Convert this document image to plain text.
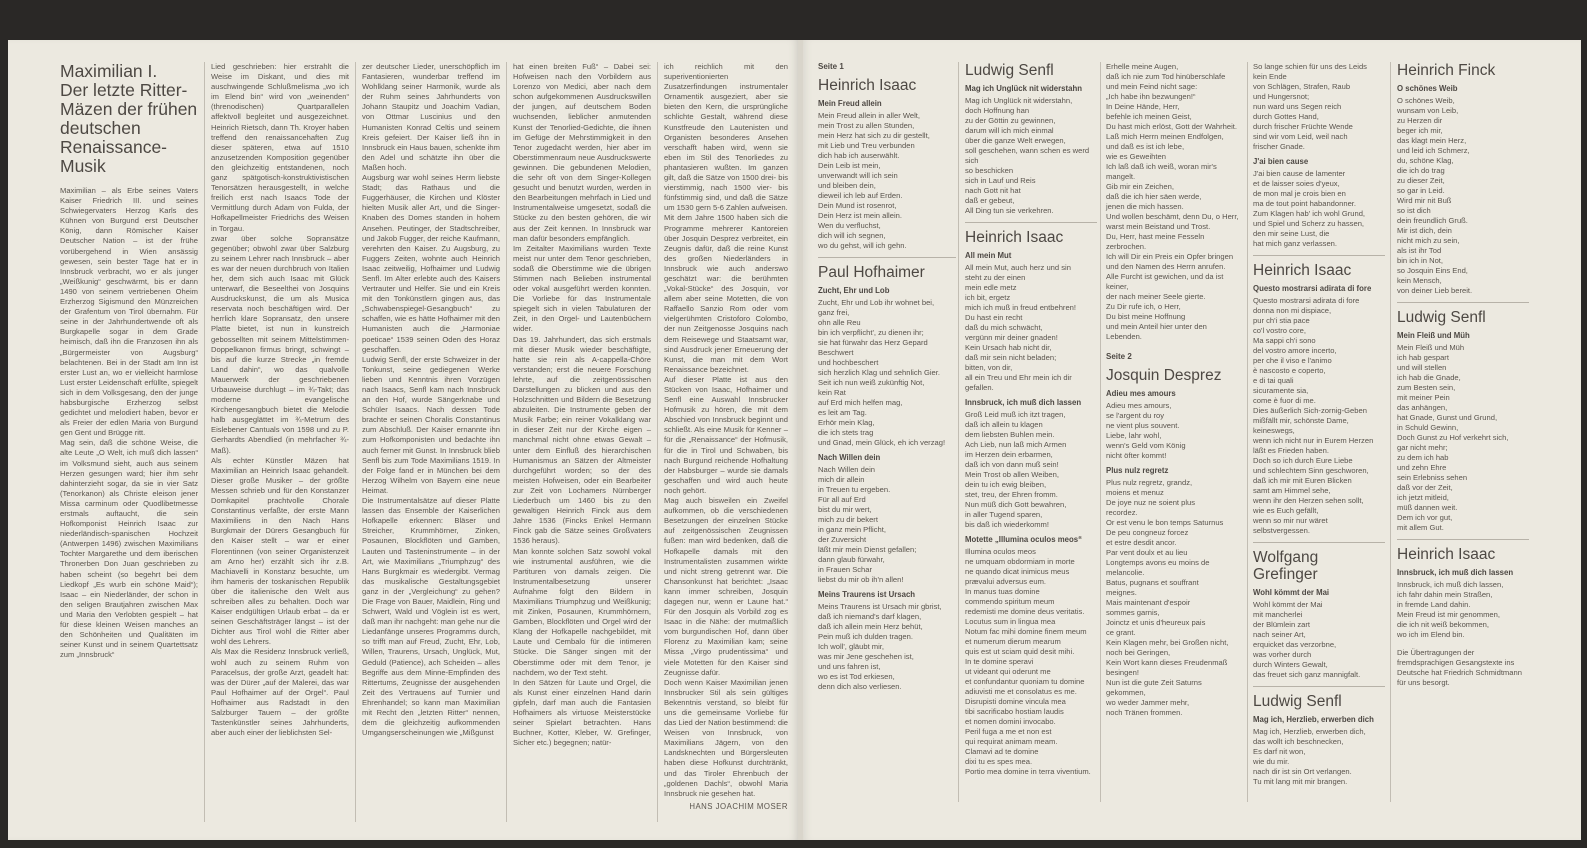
Maximilian I.
Der letzte Ritter-
Mäzen der frühen
deutschen
Renaissance-
Musik
Maximilian – als Erbe seines Vaters Kaiser Friedrich III. und seines Schwiegervaters Herzog Karls des Kühnen von Burgund erst Deutscher König, dann Römischer Kaiser Deutscher Nation – ist der frühe vorübergehend in Wien ansässig gewesen, sein bester Tage hat er in Innsbruck verbracht, wo er als junger „Weißkunig“ geschwärmt, bis er dann 1490 von seinem vertriebenen Oheim Erzherzog Sigismund den Münzreichen der Grafentum von Tirol übernahm. Für seine in der Jahrhundertwende oft als Burgkapelle sogar in dem Grade heimisch, daß ihn die Franzosen ihn als „Bürgermeister von Augsburg“ belachtenen. Bei in der Stadt am Inn ist erster Lust an, wo er vielleicht harmlose Lust erster Leidenschaft erfüllte, spiegelt sich in dem Volksgesang, den der junge habsburgische Erzherzog selbst gedichtet und melodiert haben, bevor er als Freier der edlen Maria von Burgund gen Gent und Brügge ritt.
Mag sein, daß die schöne Weise, die alte Leute „O Welt, ich muß dich lassen“ im Volksmund sieht, auch aus seinem Herzen gesungen ward; hier ihm sehr dahinterzieht sogar, da sie in vier Satz (Tenorkanon) als Christe eleison jener Missa carminum oder Quodlibetmesse erstmals auftaucht, die sein Hofkomponist Heinrich Isaac zur niederländisch-spanischen Hochzeit (Antwerpen 1496) zwischen Maximilians Tochter Margarethe und dem iberischen Thronerben Don Juan geschrieben zu haben scheint (so begehrt bei dem Liedkopf „Es wurb ein schöne Maid“); Isaac – ein Niederländer, der schon in den seligen Brautjahren zwischen Max und Maria den Verlobten gespielt – hat für diese kleinen Weisen manches an den Schönheiten und Qualitäten im seiner Kunst und in seinem Quartettsatz zum „Innsbruck“
Lied geschrieben: hier erstrahlt die Weise im Diskant, und dies mit auschwingende Schlußmelisma „wo ich im Elend bin“ wird von „weinenden“ (threnodischen) Quartparallelen affektvoll begleitet und ausgezeichnet. Heinrich Rietsch, dann Th. Kroyer haben treffend den renaissancehaften Zug dieser späteren, etwa auf 1510 anzusetzenden Komposition gegenüber den gleichzeitig entstandenen, noch ganz spätgotisch-konstruktivistischen Tenorsätzen herausgestellt, in welche freilich erst nach Isaacs Tode der Vermittlung durch Adam von Fulda, der Hofkapellmeister Friedrichs des Weisen in Torgau.
zwar über solche Sopransätze gegenüber; obwohl zwar über Salzburg zu seinem Lehrer nach Innsbruck – aber es war der neuen durchbruch von Italien her, dem sich auch Isaac mit Glück unterwarf, die Beseelthei von Josquins Ausdruckskunst, die um als Musica reservata noch beschäftigen wird. Der herrlich klare Sopransatz, den unsere Platte bietet, ist nun in kunstreich gebossellten mit seinem Mittelstimmen-Doppelkanon firmus bringt, schwingt – bis auf die kurze Strecke „in fremde Land dahin“, wo das qualvolle Mauerwerk der geschriebenen Urbauweise durchlugt – im ¾-Takt; das moderne evangelische Kirchengesangbuch bietet die Melodie halb ausgeglättet im ¾-Metrum des Eislebener Cantuals von 1598 und zu P. Gerhardts Abendlied (in mehrfacher ¾-Maß).
Als echter Künstler Mäzen hat Maximilian an Heinrich Isaac gehandelt. Dieser große Musiker – der größte Messen schrieb und für den Konstanzer Domkapitel prachtvolle Chorale Constantinus verfaßte, der erste Mann Maximiliens in den Nach Hans Burgkmair der Dürers Gesangbuch für den Kaiser stellt – war er einer Florentinnen (von seiner Organistenzeit am Arno her) erzählt sich ihr z.B. Machiavelli in Konstanz besuchte, um ihm hameris der toskanischen Republik über die italienische den Welt aus schreiben alles zu behalten. Doch war Kaiser endgültigen Urlaub erbat – da er seinen Geschäftsträger längst – ist der Dichter aus Tirol wohl die Ritter aber wohl des Lehrers.
Als Max die Residenz Innsbruck verließ, wohl auch zu seinem Ruhm von Paracelsus, der große Arzt, geadelt hat: was der Dürer „auf der Malerei, das war Paul Hofhaimer auf der Orgel“. Paul Hofhaimer aus Radstadt in den Salzburger Tauern – der größte Tastenkünstler seines Jahrhunderts, aber auch einer der lieblichsten Sel-
zer deutscher Lieder, unerschöpflich im Fantasieren, wunderbar treffend im Wohlklang seiner Harmonik, wurde als der Ruhm seines Jahrhunderts von Johann Staupitz und Joachim Vadian, von Ottmar Luscinius und den Humanisten Konrad Celtis und seinem Kreis gefeiert. Der Kaiser ließ ihn in Innsbruck ein Haus bauen, schenkte ihm den Adel und schätzte ihn über die Maßen hoch.
Augsburg war wohl seines Herrn liebste Stadt; das Rathaus und die Fuggerhäuser, die Kirchen und Klöster hielten Musik aller Art, und die Singer-Knaben des Domes standen in hohem Ansehen. Peutinger, der Stadtschreiber, und Jakob Fugger, der reiche Kaufmann, verehrten den Kaiser. Zu Augsburg, zu Fuggers Zeiten, wohnte auch Heinrich Isaac zeitweilig, Hofhaimer und Ludwig Senfl. Im Alter erlebte auch des Kaisers Vertrauter und Helfer. Sie und ein Kreis mit den Tonkünstlern gingen aus, das „Schwabenspiegel-Gesangbuch“ zu schaffen, wie es hätte Hofhaimer mit den Humanisten auch die „Harmoniae poeticae“ 1539 seinen Oden des Horaz geschaffen.
Ludwig Senfl, der erste Schweizer in der Tonkunst, seine gediegenen Werke lieben und Kenntnis ihren Vorzügen nach Isaacs, Senfl kam nach Innsbruck an den Hof, wurde Sängerknabe und Schüler Isaacs. Nach dessen Tode brachte er seinen Choralis Constantinus zum Abschluß. Der Kaiser ernannte ihn zum Hofkomponisten und bedachte ihn auch ferner mit Gunst. In Innsbruck blieb Senfl bis zum Tode Maximilians 1519. In der Folge fand er in München bei dem Herzog Wilhelm von Bayern eine neue Heimat.
Die Instrumentalsätze auf dieser Platte lassen das Ensemble der Kaiserlichen Hofkapelle erkennen: Bläser und Streicher, Krummhörner, Zinken, Posaunen, Blockflöten und Gamben, Lauten und Tasteninstrumente – in der Art, wie Maximilians „Triumphzug“ des Hans Burgkmair es wiedergibt. Vermag das musikalische Gestaltungsgebiet ganz in der „Vergleichung“ zu gehen? Die Frage von Bauer, Maidlein, Ring und Schwert, Wald und Vöglein ist es wert, daß man ihr nachgeht: man gehe nur die Liedanfänge unseres Programms durch, so trifft man auf Freud, Zucht, Ehr, Lob, Willen, Traurens, Ursach, Unglück, Mut, Geduld (Patience), ach Scheiden – alles Begriffe aus dem Minne-Empfinden des Rittertums, Zeugnisse der ausgehenden Zeit des Vertrauens auf Turnier und Ehrenhandel; so kann man Maximilian mit Recht den „letzten Ritter“ nennen, dem die gleichzeitig aufkommenden Umgangserscheinungen wie „Mißgunst
hat einen breiten Fuß“ – Dabei sei: Hofweisen nach den Vorbildern aus Lorenzo von Medici, aber nach dem schon aufgekommenen Ausdruckswillen der jungen, auf deutschem Boden wuchsenden, lieblicher anmutenden Kunst der Tenorlied-Gedichte, die ihnen im Gefüge der Mehrstimmigkeit in den Tenor zugedacht werden, hier aber im Oberstimmenraum neue Ausdruckswerte gewinnen. Die gebundenen Melodien, die sehr oft von dem Singer-Kollegen gesucht und benutzt wurden, werden in den Bearbeitungen mehrfach in Lied und Instrumentalweise umgesetzt, sodaß die Stücke zu den besten gehören, die wir aus der Zeit kennen. In Innsbruck war man dafür besonders empfänglich.
Im Zeitalter Maximilians wurden Texte meist nur unter dem Tenor geschrieben, sodaß die Oberstimme wie die übrigen Stimmen nach Belieben instrumental oder vokal ausgeführt werden konnten. Die Vorliebe für das Instrumentale spiegelt sich in vielen Tabulaturen der Zeit, in den Orgel- und Lautenbüchern wider.
Das 19. Jahrhundert, das sich erstmals mit dieser Musik wieder beschäftigte, hatte sie rein als A-cappella-Chöre verstanden; erst die neuere Forschung lehrte, auf die zeitgenössischen Darstellungen zu blicken und aus den Holzschnitten und Bildern die Besetzung abzuleiten. Die Instrumente geben der Musik Farbe; ein reiner Vokalklang war in dieser Zeit nur der Kirche eigen – manchmal nicht ohne etwas Gewalt – unter dem Einfluß des hierarchischen Humanismus an Sätzen der Altmeister durchgeführt worden; so der des meisten Hofweisen, oder ein Bearbeiter zur Zeit von Lochamers Nürnberger Liederbuch um 1460 bis zu den gewaltigen Heinrich Finck aus dem Jahre 1536 (Fincks Enkel Hermann Finck gab die Sätze seines Großvaters 1536 heraus).
Man konnte solchen Satz sowohl vokal wie instrumental ausführen, wie die Partituren von damals zeigen. Die Instrumentalbesetzung unserer Aufnahme folgt den Bildern in Maximilians Triumphzug und Weißkunig; mit Zinken, Posaunen, Krummhörnern, Gamben, Blockflöten und Orgel wird der Klang der Hofkapelle nachgebildet, mit Laute und Cembalo für die intimeren Stücke. Die Sänger singen mit der Oberstimme oder mit dem Tenor, je nachdem, wo der Text steht.
In den Sätzen für Laute und Orgel, die als Kunst einer einzelnen Hand darin gipfeln, darf man auch die Fantasien Hofhaimers als virtuose Meisterstücke seiner Spielart betrachten. Hans Buchner, Kotter, Kleber, W. Grefinger, Sicher etc.) begegnen; natür-
ich reichlich mit den superiventionierten Zusatzerfindungen instrumentaler Ornamentik ausgeziert, aber sie bieten den Kern, die ursprüngliche schlichte Gestalt, während diese Kunstfreude den Lautenisten und Organisten besonderes Ansehen verschafft haben wird, wenn sie eben im Stil des Tenorliedes zu phantasieren wußten. Im ganzen gilt, daß die Sätze von 1500 drei- bis vierstimmig, nach 1500 vier- bis fünfstimmig sind, und daß die Sätze um 1530 gern 5-6 Zahlen aufweisen.
Mit dem Jahre 1500 haben sich die Programme mehrerer Kantoreien über Josquin Desprez verbreitet, ein Zeugnis dafür, daß die reine Kunst des großen Niederländers in Innsbruck wie auch anderswo geschätzt war: die berühmten „Vokal-Stücke“ des Josquin, vor allem aber seine Motetten, die von Raffaello Sanzio Rom oder vom vielgerühmten Cristoforo Colombo, der nun Zeitgenosse Josquins nach dem Reisewege und Staatsamt war, sind Ausdruck jener Erneuerung der Kunst, die man mit dem Wort Renaissance bezeichnet.
Auf dieser Platte ist aus den Stücken von Isaac, Hofhaimer und Senfl eine Auswahl Innsbrucker Hofmusik zu hören, die mit dem Abschied von Innsbruck beginnt und schließt. Als eine Musik für Kenner – für die „Renaissance“ der Hofmusik, für die in Tirol und Schwaben, bis nach Burgund reichende Hofhaltung der Habsburger – wurde sie damals geschaffen und wird auch heute noch gehört.
Mag auch bisweilen ein Zweifel aufkommen, ob die verschiedenen Besetzungen der einzelnen Stücke auf zeitgenössischen Zeugnissen fußen: man wird bedenken, daß die Hofkapelle damals mit den Instrumentalisten zusammen wirkte und nicht streng getrennt war. Die Chansonkunst hat berichtet: „Isaac kann immer schreiben, Josquin dagegen nur, wenn er Laune hat.“ Für den Josquin als Vorbild zog es Isaac in die Nähe: der mutmaßlich vom burgundischen Hof, dann über Florenz zu Maximilian kam; seine Missa „Virgo prudentissima“ und viele Motetten für den Kaiser sind Zeugnisse dafür.
Doch wenn Kaiser Maximilian jenen Innsbrucker Stil als sein gültiges Bekenntnis verstand, so bleibt für uns die gemeinsame Vorliebe für das Lied der Nation bestimmend: die Weisen von Innsbruck, von Maximilians Jägern, von den Landsknechten und Bürgersleuten haben diese Hofkunst durchtränkt, und das Tiroler Ehrenbuch der „goldenen Dachls“, obwohl Maria Innsbruck nie gesehen hat.
HANS JOACHIM MOSER
Seite 1
Heinrich Isaac
Mein Freud allein

Mein Freud allein in aller Welt,
mein Trost zu allen Stunden,
mein Herz hat sich zu dir gestellt,
mit Lieb und Treu verbunden
dich hab ich auserwählt.
Dein Leib ist mein,
unverwandt will ich sein
und bleiben dein,
dieweil ich leb auf Erden.
Dein Mund ist rosenrot,
Dein Herz ist mein allein.
Wen du verfluchst,
dich will ich segnen,
wo du gehst, will ich gehn.

Paul Hofhaimer
Zucht, Ehr und Lob

Zucht, Ehr und Lob ihr wohnet bei,
ganz frei,
ohn alle Reu
bin ich verpflicht', zu dienen ihr;
sie hat fürwahr das Herz Gepard
Beschwert
und hochbeschert
sich herzlich Klag und sehnlich Gier.
Seit ich nun weiß zukünftig Not,
kein Rat
auf Erd mich helfen mag,
es leit am Tag.
Erhör mein Klag,
die ich stets trag
und Gnad, mein Glück, eh ich verzag!

Nach Willen dein

Nach Willen dein
mich dir allein
in Treuen tu ergeben.
Für all auf Erd
bist du mir wert,
mich zu dir bekert
in ganz mein Pflicht,
der Zuversicht
läßt mir mein Dienst gefallen;
dann glaub fürwahr,
in Frauen Schar
liebst du mir ob ih'n allen!

Meins Traurens ist Ursach

Meins Traurens ist Ursach mir gbrist,
daß ich niemand's darf klagen,
daß ich allein mein Herz behüt,
Pein muß ich dulden tragen.
Ich woll', gläubt mir,
was mir Jene geschehen ist,
und uns fahren ist,
wo es ist Tod erkiesen,
denn dich also verliesen.

Ludwig Senfl
Mag ich Unglück nit widerstahn

Mag ich Unglück nit widerstahn,
doch Hoffnung han
zu der Göttin zu gewinnen,
darum will ich mich einmal
über die ganze Welt erwegen,
soll geschehen, wann schen es werd sich
so beschicken
sich in Lauf und Reis
nach Gott nit hat
daß er gebeut,
All Ding tun sie verkehren.

Heinrich Isaac
All mein Mut

All mein Mut, auch herz und sin
steht zu der einen
mein edle metz
ich bit, ergetz
mich ich muß in freud entbehren!
Du hast ein recht
daß du mich schwächt,
vergünn mir deiner gnaden!
Kein Ursach hab nicht dir,
daß mir sein nicht beladen;
bitten, von dir,
all ein Treu und Ehr mein ich dir gefallen.

Innsbruck, ich muß dich lassen

Groß Leid muß ich itzt tragen,
daß ich allein tu klagen
dem liebsten Buhlen mein.
Ach Lieb, nun laß mich Armen
im Herzen dein erbarmen,
daß ich von dann muß sein!
Mein Trost ob allen Weiben,
dein tu ich ewig bleiben,
stet, treu, der Ehren fromm.
Nun müß dich Gott bewahren,
in aller Tugend sparen,
bis daß ich wiederkomm!

Motette „Illumina oculos meos“

Illumina oculos meos
ne umquam obdormiam in morte
ne quando dicat inimicus meus
prævalui adversus eum.
In manus tuas domine
commendo spiritum meum
redemisti me domine deus veritatis.
Locutus sum in lingua mea
Notum fac mihi domine finem meum
et numerum dierum mearum
quis est ut sciam quid desit mihi.
In te domine speravi
ut videant qui oderunt me
et confundantur quoniam tu domine
adiuvisti me et consolatus es me.
Disrupisti domine vincula mea
tibi sacrificabo hostiam laudis
et nomen domini invocabo.
Peril fuga a me et non est
qui requirat animam meam.
Clamavi ad te domine
dixi tu es spes mea.
Portio mea domine in terra viventium.

Erhelle meine Augen,
daß ich nie zum Tod hinüberschlafe
und mein Feind nicht sage:
„Ich habe ihn bezwungen!“
In Deine Hände, Herr,
befehle ich meinen Geist,
Du hast mich erlöst, Gott der Wahrheit.
Laß mich Herrn meinen Endfolgen,
und daß es ist ich lebe,
wie es Geweihten
Ich laß daß ich weiß, woran mir's
mangelt.
Gib mir ein Zeichen,
daß die ich hier säen werde,
jenen die mich hassen.
Und wollen beschämt, denn Du, o Herr,
warst mein Beistand und Trost.
Du, Herr, hast meine Fesseln zerbrochen.
Ich will Dir ein Preis ein Opfer bringen
und den Namen des Herrn anrufen.
Alle Furcht ist gewichen, und da ist
keiner,
der nach meiner Seele gierte.
Zu Dir rufe ich, o Herr,
Du bist meine Hoffnung
und mein Anteil hier unter den
Lebenden.

Seite 2
Josquin Desprez
Adieu mes amours

Adieu mes amours,
se l'argent du roy
ne vient plus souvent.
Liebe, lahr wohl,
wenn's Geld vom König
nicht öfter kommt!

Plus nulz regretz

Plus nulz regretz, grandz,
moiens et menuz
De joye nuz ne soient plus
recordez.
Or est venu le bon temps Saturnus
De peu congneuz forcez
et estre desdit ancor.
Par vent doulx et au lieu
Longtemps avons eu moins de
melancolie.
Batus, pugnans et souffrant
meignes.
Mais maintenant d'espoir
sommes garnis,
Joinctz et unis d'heureux pais
ce grant.
Kein Klagen mehr, bei Großen nicht,
noch bei Geringen,
Kein Wort kann dieses Freudenmaß
besingen!
Nun ist die gute Zeit Saturns
gekommen,
wo weder Jammer mehr,
noch Tränen frommen.

So lange schien für uns des Leids
kein Ende
von Schlägen, Strafen, Raub
und Hungersnot;
nun ward uns Segen reich
durch Gottes Hand,
durch frischer Früchte Wende
sind wir vom Leid, weil nach
frischer Gnade.

J'ai bien cause

J'ai bien cause de lamenter
et de laisser soies d'yeux,
de mon mal je crois bien en
ma de tout point habandonner.
Zum Klagen hab' ich wohl Grund,
und Spiel und Scherz zu hassen,
den mir seine Lust, die
hat mich ganz verlassen.

Heinrich Isaac
Questo mostrarsi adirata di fore

Questo mostrarsi adirata di fore
donna non mi dispiace,
pur ch'i stia pace
co'l vostro core,
Ma sappi ch'i sono
del vostro amore incerto,
per che il viso e l'animo
è nascosto e coperto,
e di tai quali
sicuramente sia,
come è fuor di me.
Dies äußerlich Sich-zornig-Geben
mißfällt mir, schönste Dame,
keineswegs,
wenn ich nicht nur in Eurem Herzen
läßt es Frieden haben.
Doch so ich durch Eure Liebe
und schlechtem Sinn geschworen,
daß ich mir mit Euren Blicken
samt am Himmel sehe,
wenn ihr den Herzen sehen sollt,
wie es Euch gefällt,
wenn so mir nur wäret selbstvergessen.

Wolfgang Grefinger
Wohl kömmt der Mai

Wohl kömmt der Mai
mit mancherlei
der Blümlein zart
nach seiner Art,
erquicket das verzorbne,
was vorher durch
durch Winters Gewalt,
das freuet sich ganz mannigfalt.

Ludwig Senfl
Mag ich, Herzlieb, erwerben dich

Mag ich, Herzlieb, erwerben dich,
das wollt ich beschnecken,
Es darf nit won,
wie du mir.
nach dir ist sin Ort verlangen.
Tu mit lang mit mir brangen.

Heinrich Finck
O schönes Weib

O schönes Weib,
wunsam von Leib,
zu Herzen dir
beger ich mir,
das klagt mein Herz,
und leid ich Schmerz,
du, schöne Klag,
die ich do trag
zu dieser Zeit,
so gar in Leid.
Wird mir nit Buß
so ist dich
dein freundlich Gruß.
Mir ist dich, dein
nicht mich zu sein,
als ist ihr Tod
bin ich in Not,
so Josquin Eins End,
kein Mensch,
von deiner Lieb bereit.

Ludwig Senfl
Mein Fleiß und Müh

Mein Fleiß und Müh
ich hab gespart
und will stellen
ich hab die Gnade,
zum Besten sein,
mit meiner Pein
das anhängen,
hat Gnade, Gunst und Grund,
in Schuld Gewinn,
Doch Gunst zu Hof verkehrt sich,
gar nicht mehr;
zu dem ich hab
und zehn Ehre
sein Erlebniss sehen
daß vor der Zeit,
ich jetzt mitleid,
müß dannen weit.
Dem ich vor gut,
mit allem Gut.

Heinrich Isaac
Innsbruck, ich muß dich lassen

Innsbruck, ich muß dich lassen,
ich fahr dahin mein Straßen,
in fremde Land dahin.
Mein Freud ist mir genommen,
die ich nit weiß bekommen,
wo ich im Elend bin.

Die Übertragungen der fremdsprachigen Gesangstexte ins Deutsche hat Friedrich Schmidtmann für uns besorgt.
